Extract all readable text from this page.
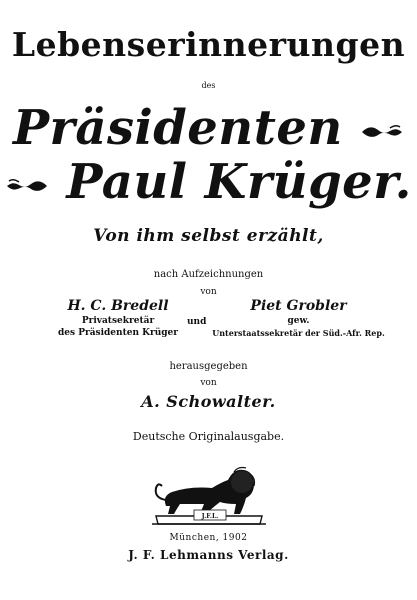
Lebenserinnerungen
des
Präsidenten
Paul Krüger.
Von ihm selbst erzählt,
nach Aufzeichnungen
von
H. C. Bredell
Privatsekretär
des Präsidenten Krüger
und
Piet Grobler
gew.
Unterstaatssekretär der Süd.-Afr. Rep.
herausgegeben
von
A. Schowalter.
Deutsche Originalausgabe.
J.F.L.
München, 1902
J. F. Lehmanns Verlag.
